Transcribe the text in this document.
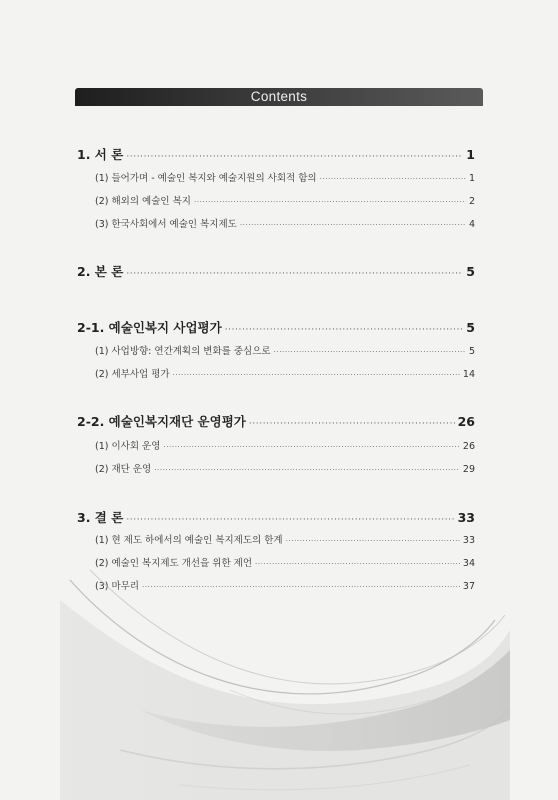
Contents
1. 서 론 ·····	1
(1) 들어가며 - 예술인 복지와 예술지원의 사회적 함의 ·····	1
(2) 해외의 예술인 복지 ·····	2
(3) 한국사회에서 예술인 복지제도 ·····	4
2. 본 론 ·····	5
2-1. 예술인복지 사업평가 ·····	5
(1) 사업방향: 연간계획의 변화를 중심으로 ·····	5
(2) 세부사업 평가 ·····	14
2-2. 예술인복지재단 운영평가 ·····	26
(1) 이사회 운영 ·····	26
(2) 재단 운영 ·····	29
3. 결 론 ·····	33
(1) 현 제도 하에서의 예술인 복지제도의 한계 ·····	33
(2) 예술인 복지제도 개선을 위한 제언 ·····	34
(3) 마무리 ·····	37
